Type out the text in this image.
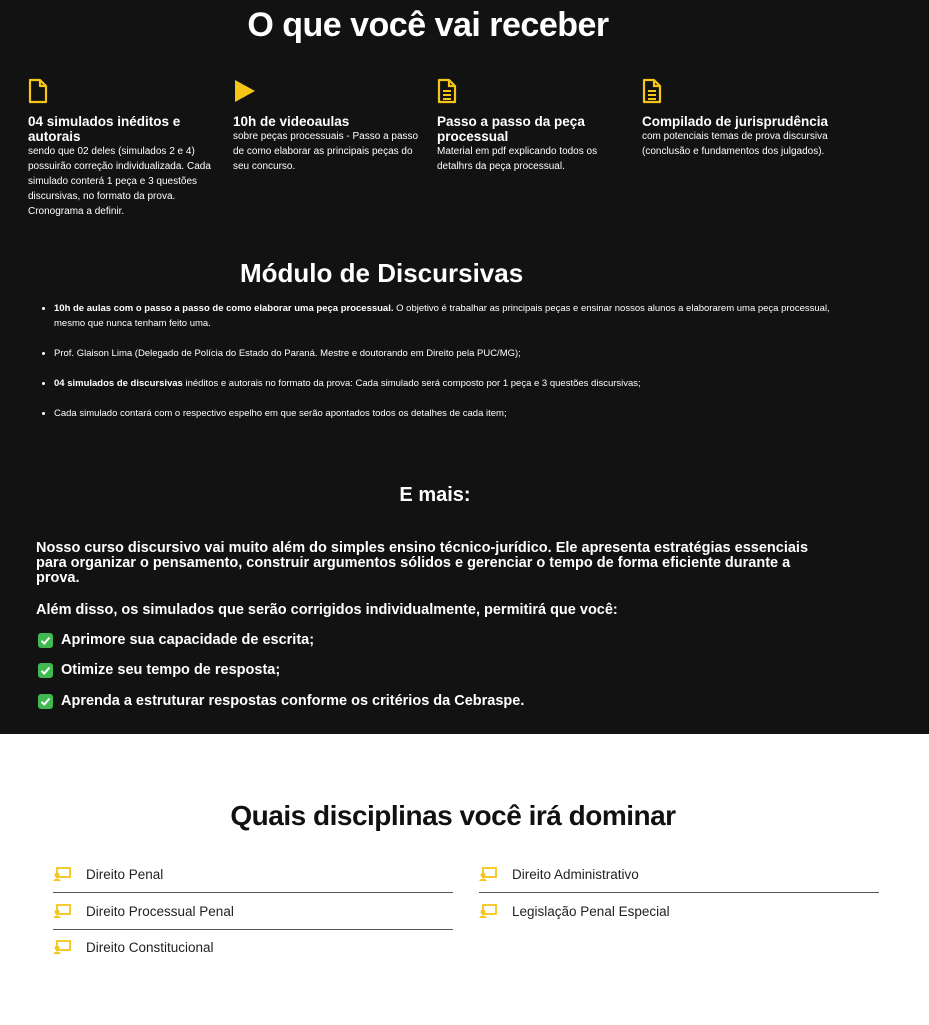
O que você vai receber
04 simulados inéditos e autorais
sendo que 02 deles (simulados 2 e 4) possuirão correção individualizada. Cada simulado conterá 1 peça e 3 questões discursivas, no formato da prova. Cronograma a definir.
10h de videoaulas
sobre peças processuais - Passo a passo de como elaborar as principais peças do seu concurso.
Passo a passo da peça processual
Material em pdf explicando todos os detalhrs da peça processual.
Compilado de jurisprudência
com potenciais temas de prova discursiva (conclusão e fundamentos dos julgados).
Módulo de Discursivas
• 10h de aulas com o passo a passo de como elaborar uma peça processual. O objetivo é trabalhar as principais peças e ensinar nossos alunos a elaborarem uma peça processual, mesmo que nunca tenham feito uma.
• Prof. Glaison Lima (Delegado de Polícia do Estado do Paraná. Mestre e doutorando em Direito pela PUC/MG);
• 04 simulados de discursivas inéditos e autorais no formato da prova: Cada simulado será composto por 1 peça e 3 questões discursivas;
• Cada simulado contará com o respectivo espelho em que serão apontados todos os detalhes de cada item;
E mais:
Nosso curso discursivo vai muito além do simples ensino técnico-jurídico. Ele apresenta estratégias essenciais para organizar o pensamento, construir argumentos sólidos e gerenciar o tempo de forma eficiente durante a prova.
Além disso, os simulados que serão corrigidos individualmente, permitirá que você:
Aprimore sua capacidade de escrita;
Otimize seu tempo de resposta;
Aprenda a estruturar respostas conforme os critérios da Cebraspe.
Quais disciplinas você irá dominar
Direito Penal
Direito Processual Penal
Direito Constitucional
Direito Administrativo
Legislação Penal Especial
